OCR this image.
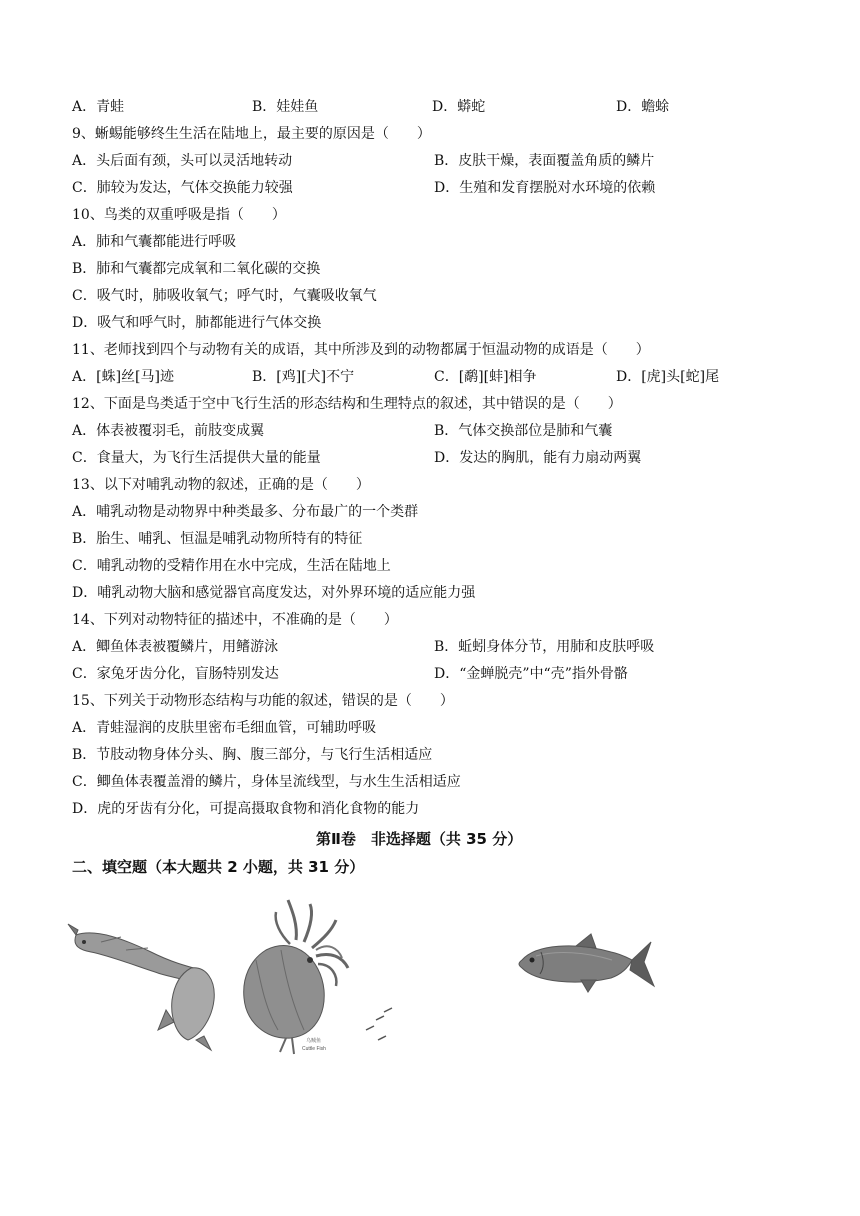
A．青蛙	B．娃娃鱼	D．蟒蛇	D．蟾蜍
9、蜥蜴能够终生生活在陆地上，最主要的原因是（　　）
A．头后面有颈，头可以灵活地转动	B．皮肤干燥，表面覆盖角质的鳞片
C．肺较为发达，气体交换能力较强	D．生殖和发育摆脱对水环境的依赖
10、鸟类的双重呼吸是指（　　）
A．肺和气囊都能进行呼吸
B．肺和气囊都完成氧和二氧化碳的交换
C．吸气时，肺吸收氧气；呼气时，气囊吸收氧气
D．吸气和呼气时，肺都能进行气体交换
11、老师找到四个与动物有关的成语，其中所涉及到的动物都属于恒温动物的成语是（　　）
A．[蛛]丝[马]迹	B．[鸡][犬]不宁	C．[鹬][蚌]相争	D．[虎]头[蛇]尾
12、下面是鸟类适于空中飞行生活的形态结构和生理特点的叙述，其中错误的是（　　）
A．体表被覆羽毛，前肢变成翼	B．气体交换部位是肺和气囊
C．食量大，为飞行生活提供大量的能量	D．发达的胸肌，能有力扇动两翼
13、以下对哺乳动物的叙述，正确的是（　　）
A．哺乳动物是动物界中种类最多、分布最广的一个类群
B．胎生、哺乳、恒温是哺乳动物所特有的特征
C．哺乳动物的受精作用在水中完成，生活在陆地上
D．哺乳动物大脑和感觉器官高度发达，对外界环境的适应能力强
14、下列对动物特征的描述中，不准确的是（　　）
A．鲫鱼体表被覆鳞片，用鳍游泳	B．蚯蚓身体分节，用肺和皮肤呼吸
C．家兔牙齿分化，盲肠特别发达	D．“金蝉脱壳”中“壳”指外骨骼
15、下列关于动物形态结构与功能的叙述，错误的是（　　）
A．青蛙湿润的皮肤里密布毛细血管，可辅助呼吸
B．节肢动物身体分头、胸、腹三部分，与飞行生活相适应
C．鲫鱼体表覆盖滑的鳞片，身体呈流线型，与水生生活相适应
D．虎的牙齿有分化，可提高摄取食物和消化食物的能力
第Ⅱ卷　非选择题（共 35 分）
二、填空题（本大题共 2 小题，共 31 分）
乌贼鱼
Cuttle Fish
